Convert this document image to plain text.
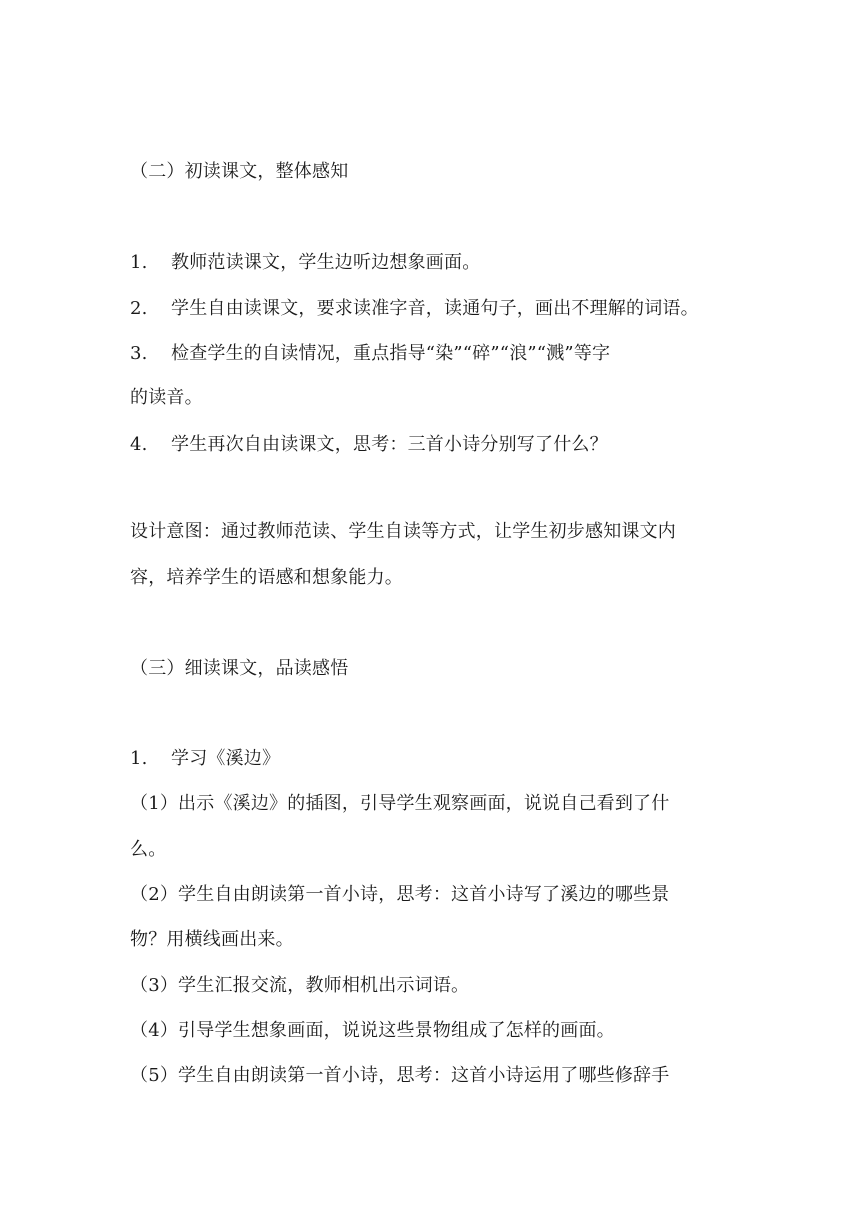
（二）初读课文，整体感知
1. 教师范读课文，学生边听边想象画面。
2. 学生自由读课文，要求读准字音，读通句子，画出不理解的词语。
3. 检查学生的自读情况，重点指导“染”“碎”“浪”“溅”等字
的读音。
4. 学生再次自由读课文，思考：三首小诗分别写了什么？
设计意图：通过教师范读、学生自读等方式，让学生初步感知课文内
容，培养学生的语感和想象能力。
（三）细读课文，品读感悟
1. 学习《溪边》
（1）出示《溪边》的插图，引导学生观察画面，说说自己看到了什
么。
（2）学生自由朗读第一首小诗，思考：这首小诗写了溪边的哪些景
物？用横线画出来。
（3）学生汇报交流，教师相机出示词语。
（4）引导学生想象画面，说说这些景物组成了怎样的画面。
（5）学生自由朗读第一首小诗，思考：这首小诗运用了哪些修辞手
